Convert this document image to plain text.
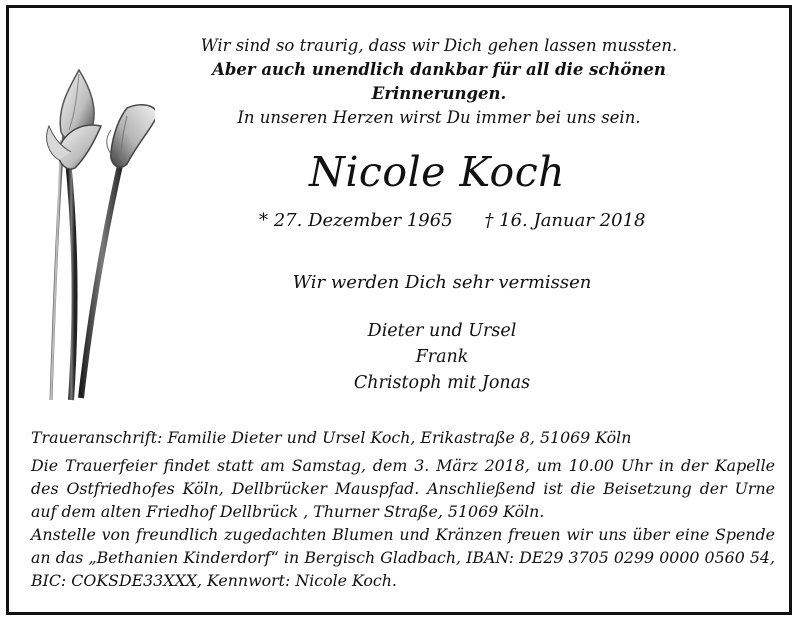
Wir sind so traurig, dass wir Dich gehen lassen mussten.
Aber auch unendlich dankbar für all die schönen Erinnerungen.
In unseren Herzen wirst Du immer bei uns sein.
Nicole Koch
* 27. Dezember 1965 † 16. Januar 2018
Wir werden Dich sehr vermissen
Dieter und Ursel
Frank
Christoph mit Jonas

Traueranschrift: Familie Dieter und Ursel Koch, Erikastraße 8, 51069 Köln

Die Trauerfeier findet statt am Samstag, dem 3. März 2018, um 10.00 Uhr in der Kapelle des Ostfriedhofes Köln, Dellbrücker Mauspfad. Anschließend ist die Beisetzung der Urne auf dem alten Friedhof Dellbrück , Thurner Straße, 51069 Köln.

Anstelle von freundlich zugedachten Blumen und Kränzen freuen wir uns über eine Spende an das „Bethanien Kinderdorf“ in Bergisch Gladbach, IBAN: DE29 3705 0299 0000 0560 54, BIC: COKSDE33XXX, Kennwort: Nicole Koch.
